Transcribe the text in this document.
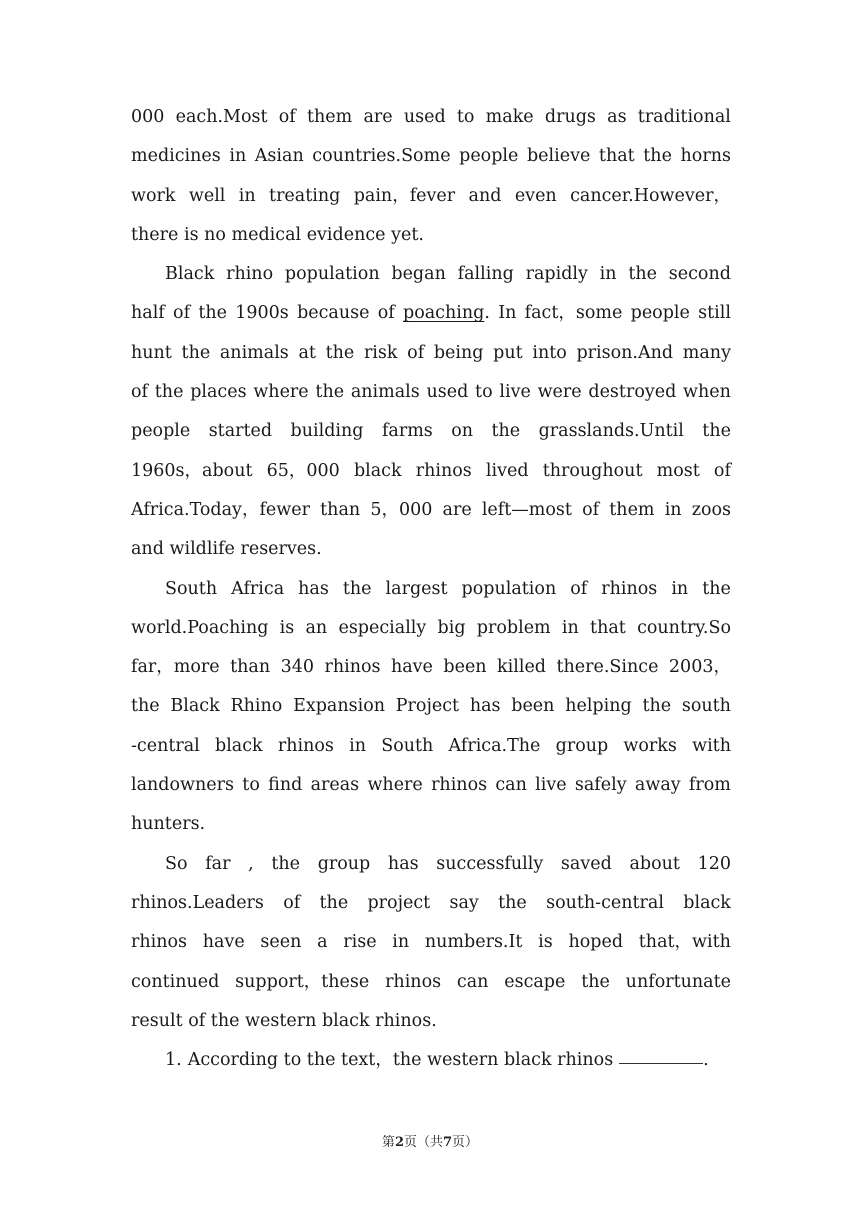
000 each.Most of them are used to make drugs as traditional
medicines in Asian countries.Some people believe that the horns
work well in treating pain，fever and even cancer.However，
there
is
no
medical
evidence
yet.

Black rhino population began falling rapidly in the second
half of the 1900s because of poaching. In fact，some people still
hunt the animals at the risk of being put into prison.And many
of the places where the animals used to live were destroyed when
people started building farms on the grasslands.Until the
1960s，about 65，000 black rhinos lived throughout most of
Africa.Today，fewer than 5，000 are left—most of them in zoos
and
wildlife
reserves.

South Africa has the largest population of rhinos in the
world.Poaching is an especially big problem in that country.So
far，more than 340 rhinos have been killed there.Since 2003，
the Black Rhino Expansion Project has been helping the south
-central black rhinos in South Africa.The group works with
landowners to find areas where rhinos can live safely away from
hunters.

So far , the group has successfully saved about 120
rhinos.Leaders of the project say the south-central black
rhinos have seen a rise in numbers.It is hoped that，with
continued support，these rhinos can escape the unfortunate
result
of
the
western
black
rhinos.

1. According to the text，the western black rhinos	.
第2页（共7页）
